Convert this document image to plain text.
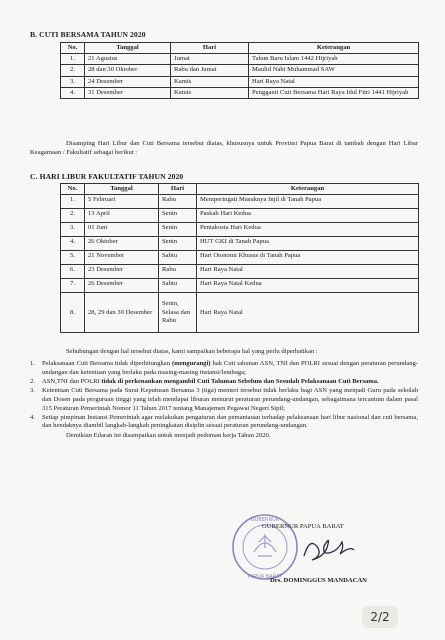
B. CUTI BERSAMA TAHUN 2020
No.	Tanggal	Hari	Keterangan
1.	21 Agustus	Jumat	Tahun Baru Islam 1442 Hijriyah
2.	28 dan 30 Oktober	Rabu dan Jumat	Maulid Nabi Muhammad SAW
3.	24 Desember	Kamis	Hari Raya Natal
4.	31 Desember	Kamis	Pengganti Cuti Bersama Hari Raya Idul Fitri 1441 Hijriyah
Disamping Hari Libur dan Cuti Bersama tersebut diatas, khususnya untuk Provinsi Papua Barat di tambah dengan Hari Libur Keagamaan / Fakultatif sebagai berikut :
C. HARI LIBUR FAKULTATIF TAHUN 2020
No.	Tanggal	Hari	Keterangan
1.	5 Februari	Rabu	Memperingati Masuknya Injil di Tanah Papua
2.	13 April	Senin	Paskah Hari Kedua
3.	01 Juni	Senin	Pentakosta Hari Kedua
4.	26 Oktober	Senin	HUT GKI di Tanah Papua
5.	21 November	Sabtu	Hari Otonomi Khusus di Tanah Papua
6.	23 Desember	Rabu	Hari Raya Natal
7.	26 Desember	Sabtu	Hari Raya Natal Kedua
8.	28, 29 dan 30 Desember	Senin, Selasa dan Rabu	Hari Raya Natal
Sehubungan dengan hal tersebut diatas, kami sampaikan beberapa hal yang perlu diperhatikan :
1. Pelaksanaan Cuti Bersama tidak diperhitungkan (mengurangi) hak Cuti tahunan ASN, TNI dan POLRI sesuai dengan peraturan perundang-undangan dan ketentuan yang berlaku pada masing-masing instansi/lembaga;
2. ASN,TNI dan POLRI tidak di perkenankan mengambil Cuti Tahunan Sebelum dan Sesudah Pelaksanaan Cuti Bersama.
3. Ketentuan Cuti Bersama pada Surat Keputusan Bersama 3 (tiga) menteri tersebut tidak berlaku bagi ASN yang menjadi Guru pada sekolah dan Dosen pada perguruan tinggi yang telah mendapat liburan menurut peraturan perundang-undangan, sebagaimana tercantum dalam pasal 315 Peraturan Pemerintah Nomor 11 Tahun 2017 tentang Manajemen Pegawai Negeri Sipil;
4. Setiap pimpinan Instansi Pemerintah agar melakukan pengaturan dan pemantauan terhadap pelaksanaan hari libur nasional dan cuti bersama, dan hendaknya diambil langkah-langkah peningkatan disiplin sesuai peraturan perundang-undangan.
Demikian Edaran ini disampaikan untuk menjadi pedoman kerja Tahun 2020.
GUBERNUR
PAPUA BARAT
GUBERNUR PAPUA BARAT
Drs. DOMINGGUS MANDACAN
2/2
